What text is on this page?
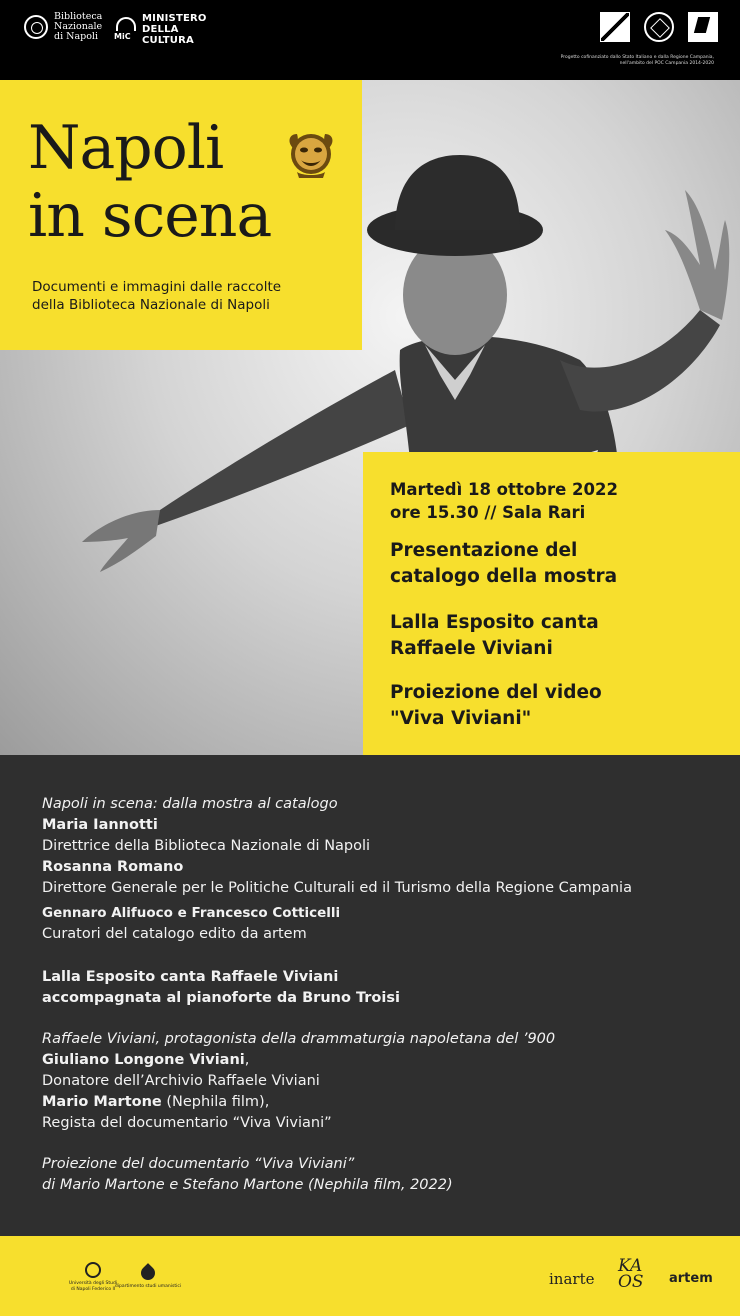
Biblioteca
Nazionale
di Napoli	MiC
MINISTERO
DELLA
CULTURA
Progetto cofinanziato dallo Stato Italiano e dalla Regione Campania,
nell'ambito del POC Campania 2014-2020
Napoli
in scena
Documenti e immagini dalle raccolte
della Biblioteca Nazionale di Napoli
Martedì 18 ottobre 2022
ore 15.30 // Sala Rari
Presentazione del
catalogo della mostra
Lalla Esposito canta
Raffaele Viviani
Proiezione del video
"Viva Viviani"
Napoli in scena: dalla mostra al catalogo
Maria Iannotti
Direttrice della Biblioteca Nazionale di Napoli
Rosanna Romano
Direttore Generale per le Politiche Culturali ed il Turismo della Regione Campania
Gennaro Alifuoco e Francesco Cotticelli
Curatori del catalogo edito da artem
Lalla Esposito canta Raffaele Viviani
accompagnata al pianoforte da Bruno Troisi
Raffaele Viviani, protagonista della drammaturgia napoletana del ’900
Giuliano Longone Viviani,
Donatore dell’Archivio Raffaele Viviani
Mario Martone (Nephila film),
Regista del documentario “Viva Viviani”
Proiezione del documentario “Viva Viviani”
di Mario Martone e Stefano Martone (Nephila film, 2022)
Università degli Studi
di Napoli Federico II dipartimento studi umanistici	inarte
KA
OS artem
